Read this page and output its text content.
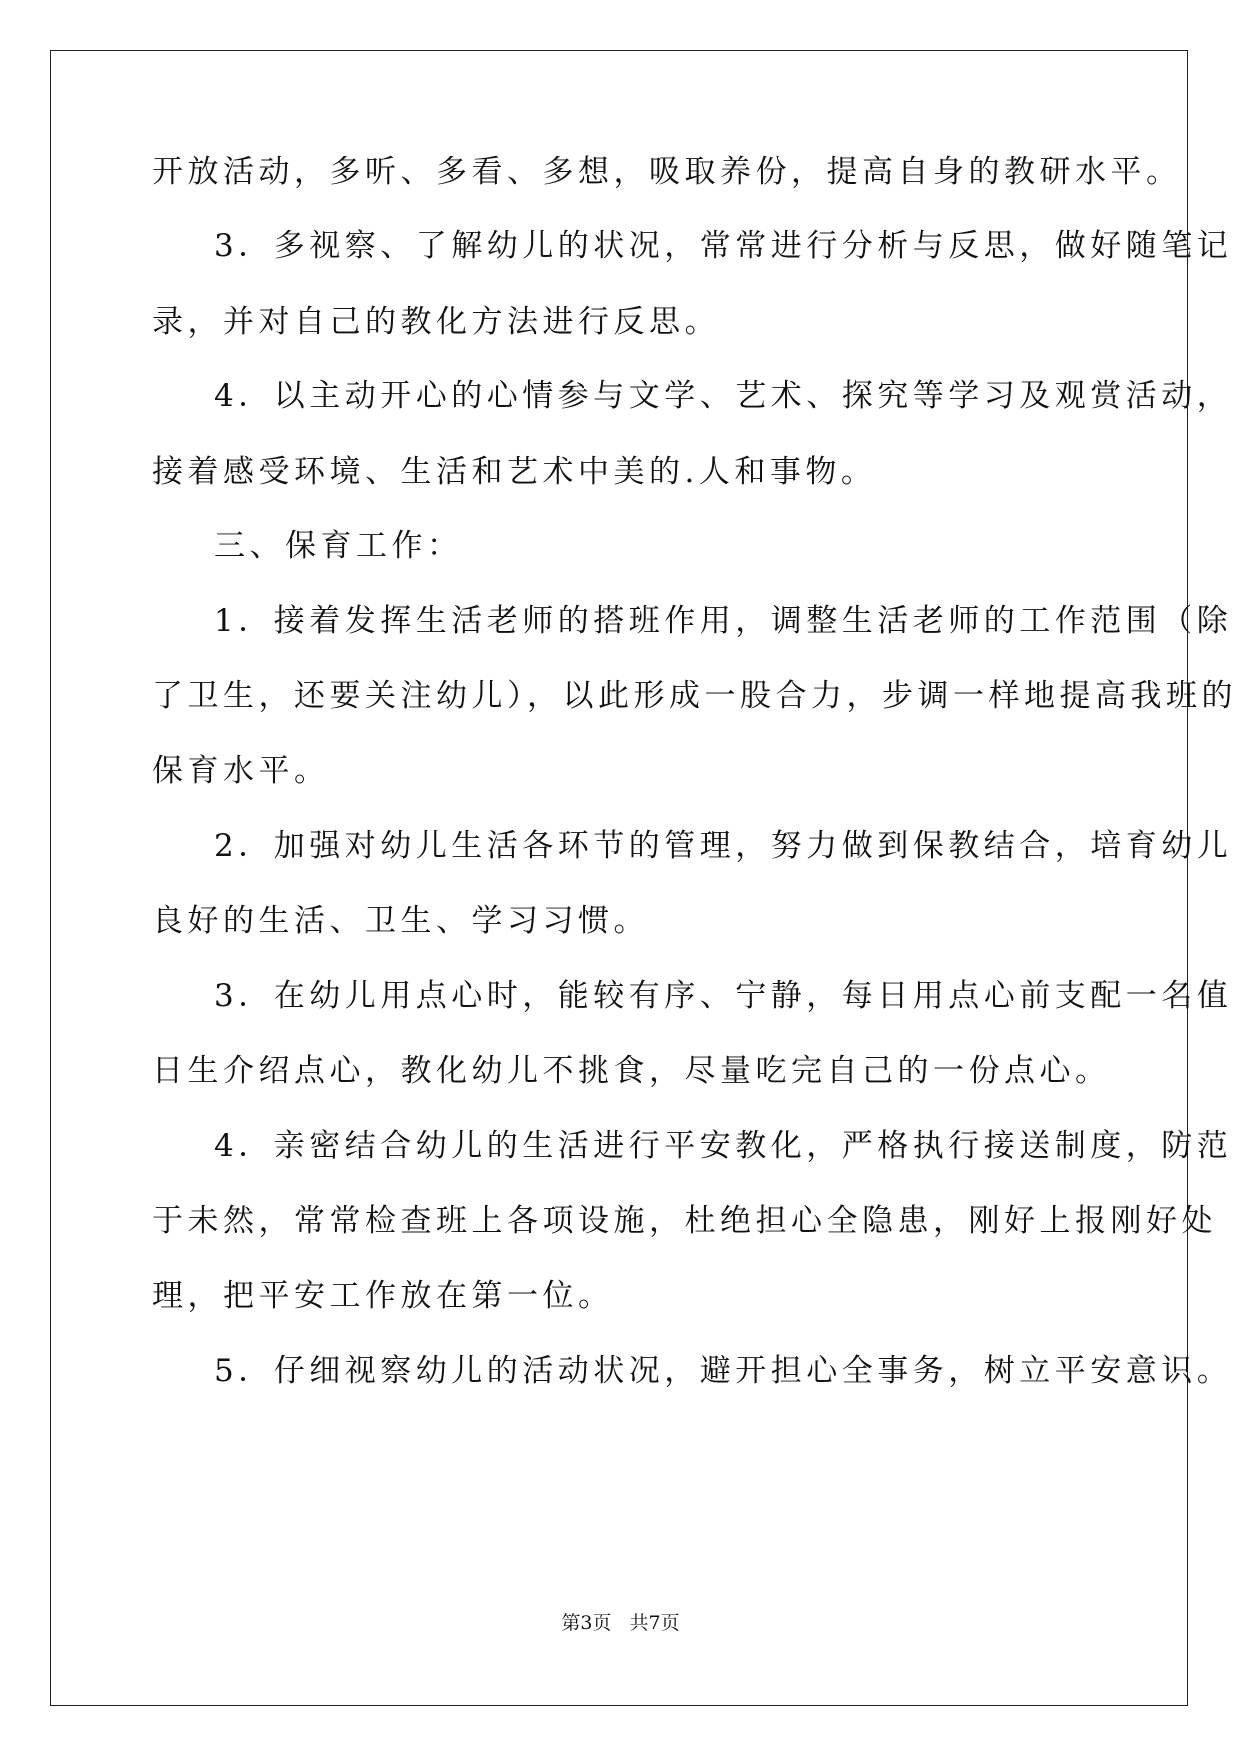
开放活动，多听、多看、多想，吸取养份，提高自身的教研水平。
3．多视察、了解幼儿的状况，常常进行分析与反思，做好随笔记
录，并对自己的教化方法进行反思。
4．以主动开心的心情参与文学、艺术、探究等学习及观赏活动，
接着感受环境、生活和艺术中美的.人和事物。
三、保育工作：
1．接着发挥生活老师的搭班作用，调整生活老师的工作范围（除
了卫生，还要关注幼儿），以此形成一股合力，步调一样地提高我班的
保育水平。
2．加强对幼儿生活各环节的管理，努力做到保教结合，培育幼儿
良好的生活、卫生、学习习惯。
3．在幼儿用点心时，能较有序、宁静，每日用点心前支配一名值
日生介绍点心，教化幼儿不挑食，尽量吃完自己的一份点心。
4．亲密结合幼儿的生活进行平安教化，严格执行接送制度，防范
于未然，常常检查班上各项设施，杜绝担心全隐患，刚好上报刚好处
理，把平安工作放在第一位。
5．仔细视察幼儿的活动状况，避开担心全事务，树立平安意识。
第3页   共7页
